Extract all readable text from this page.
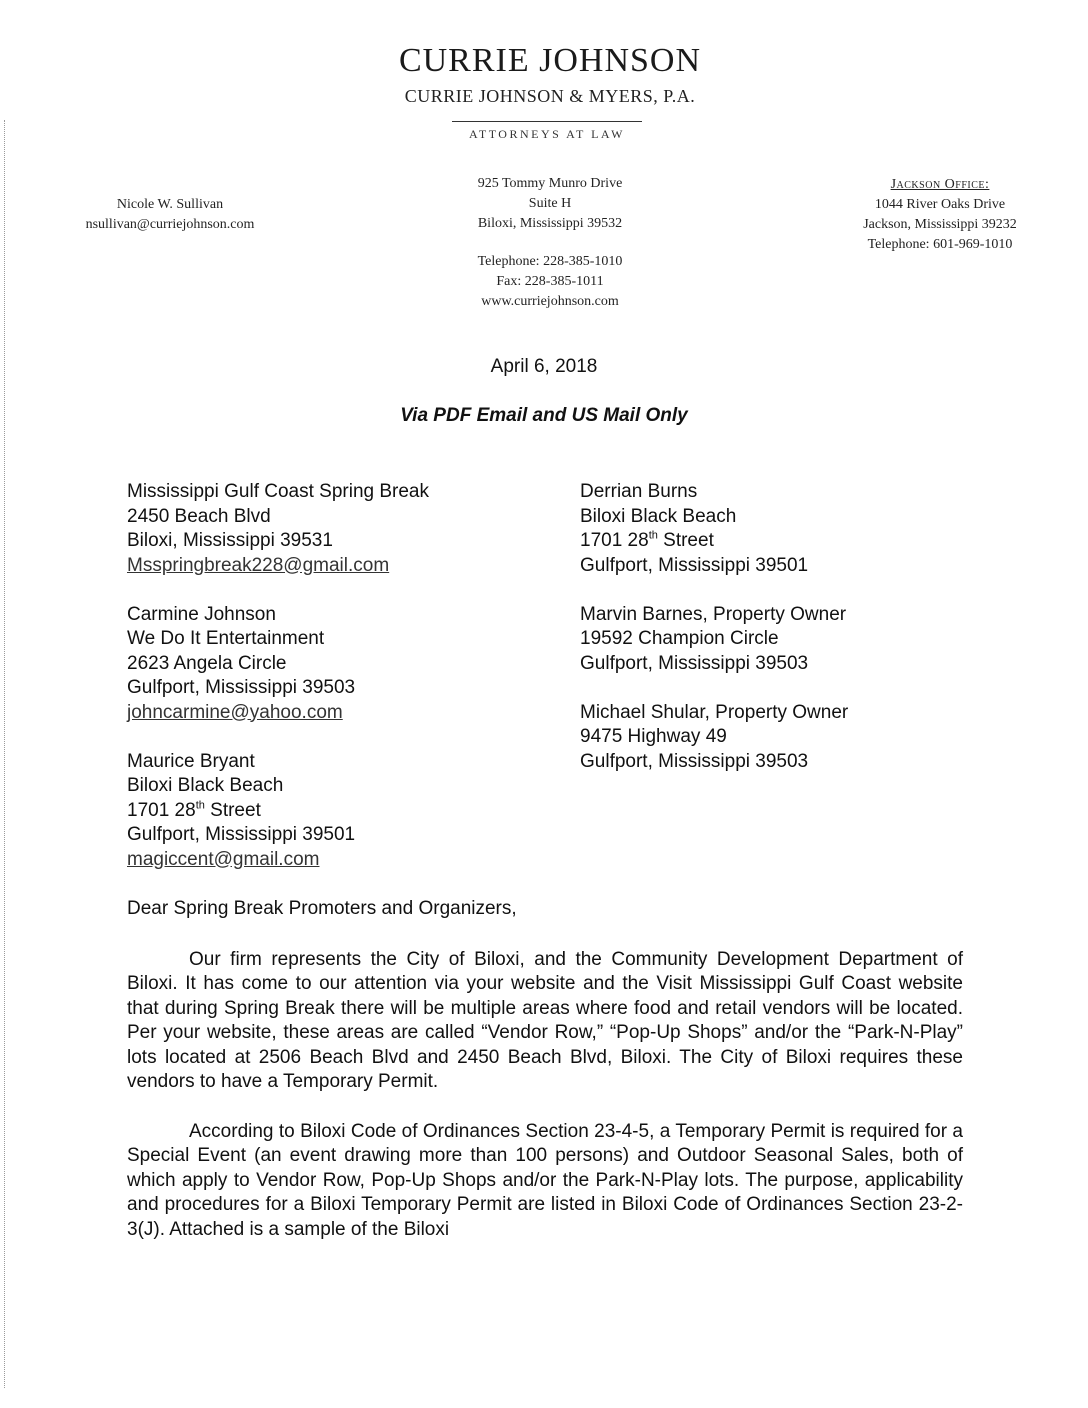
CURRIE JOHNSON
CURRIE JOHNSON & MYERS, P.A.
ATTORNEYS AT LAW
Nicole W. Sullivan
nsullivan@curriejohnson.com
925 Tommy Munro Drive
Suite H
Biloxi, Mississippi 39532
Telephone: 228-385-1010
Fax: 228-385-1011
www.curriejohnson.com
Jackson Office:
1044 River Oaks Drive
Jackson, Mississippi 39232
Telephone: 601-969-1010
April 6, 2018
Via PDF Email and US Mail Only
Mississippi Gulf Coast Spring Break
2450 Beach Blvd
Biloxi, Mississippi 39531
Msspringbreak228@gmail.com
Carmine Johnson
We Do It Entertainment
2623 Angela Circle
Gulfport, Mississippi 39503
johncarmine@yahoo.com
Maurice Bryant
Biloxi Black Beach
1701 28th Street
Gulfport, Mississippi 39501
magiccent@gmail.com
Derrian Burns
Biloxi Black Beach
1701 28th Street
Gulfport, Mississippi 39501
Marvin Barnes, Property Owner
19592 Champion Circle
Gulfport, Mississippi 39503
Michael Shular, Property Owner
9475 Highway 49
Gulfport, Mississippi 39503
Dear Spring Break Promoters and Organizers,
Our firm represents the City of Biloxi, and the Community Development Department of Biloxi. It has come to our attention via your website and the Visit Mississippi Gulf Coast website that during Spring Break there will be multiple areas where food and retail vendors will be located. Per your website, these areas are called “Vendor Row,” “Pop-Up Shops” and/or the “Park-N-Play” lots located at 2506 Beach Blvd and 2450 Beach Blvd, Biloxi. The City of Biloxi requires these vendors to have a Temporary Permit.
According to Biloxi Code of Ordinances Section 23-4-5, a Temporary Permit is required for a Special Event (an event drawing more than 100 persons) and Outdoor Seasonal Sales, both of which apply to Vendor Row, Pop-Up Shops and/or the Park-N-Play lots. The purpose, applicability and procedures for a Biloxi Temporary Permit are listed in Biloxi Code of Ordinances Section 23-2-3(J). Attached is a sample of the Biloxi
